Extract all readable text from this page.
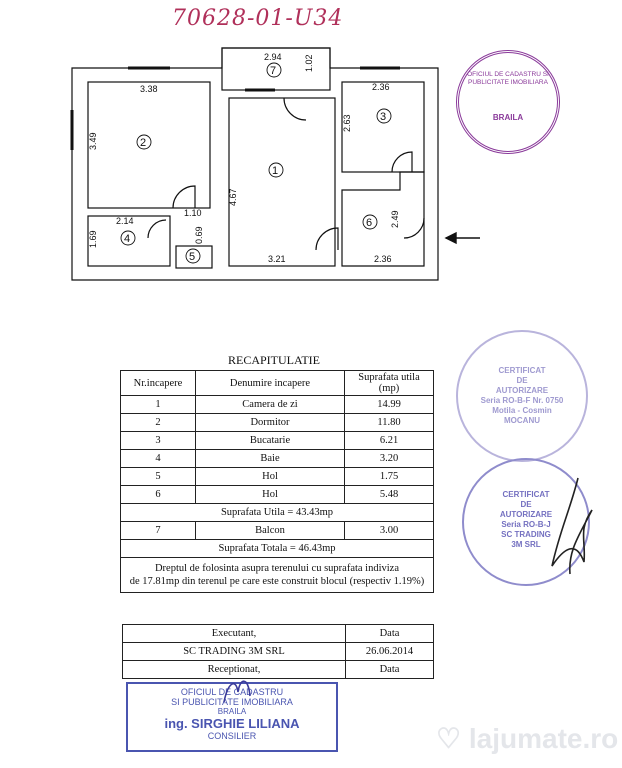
70628-01-U34
2.94 1.02
3.38	2.36
2.63
3.49
4.67
2.14
1.10
1.69	0.69
3.21	2.36
2.49
1
2
3
4
5
6
7	OFICIUL DE CADASTRU SI PUBLICITATE IMOBILIARA
BRAILA
RECAPITULATIE
Nr.incapere	Denumire incapere	Suprafata utila (mp)
1	Camera de zi	14.99
2	Dormitor	11.80
3	Bucatarie	6.21
4	Baie	3.20
5	Hol	1.75
6	Hol	5.48
Suprafata Utila = 43.43mp		
7	Balcon	3.00
Suprafata Totala = 46.43mp		

Dreptul de folosinta asupra terenului cu suprafata indiviza
de 17.81mp din terenul pe care este construit blocul (respectiv 1.19%)		
Executant,	Data
SC TRADING 3M SRL	26.06.2014
Receptionat,	Data
CERTIFICAT
DE
AUTORIZARE
Seria RO-B-F Nr. 0750
Motila - Cosmin
MOCANU
CERTIFICAT
DE
AUTORIZARE
Seria RO-B-J
SC TRADING
3M SRL
OFICIUL DE CADASTRU
SI PUBLICITATE IMOBILIARA
BRAILA
ing. SIRGHIE LILIANA
CONSILIER	♡ lajumate.ro
